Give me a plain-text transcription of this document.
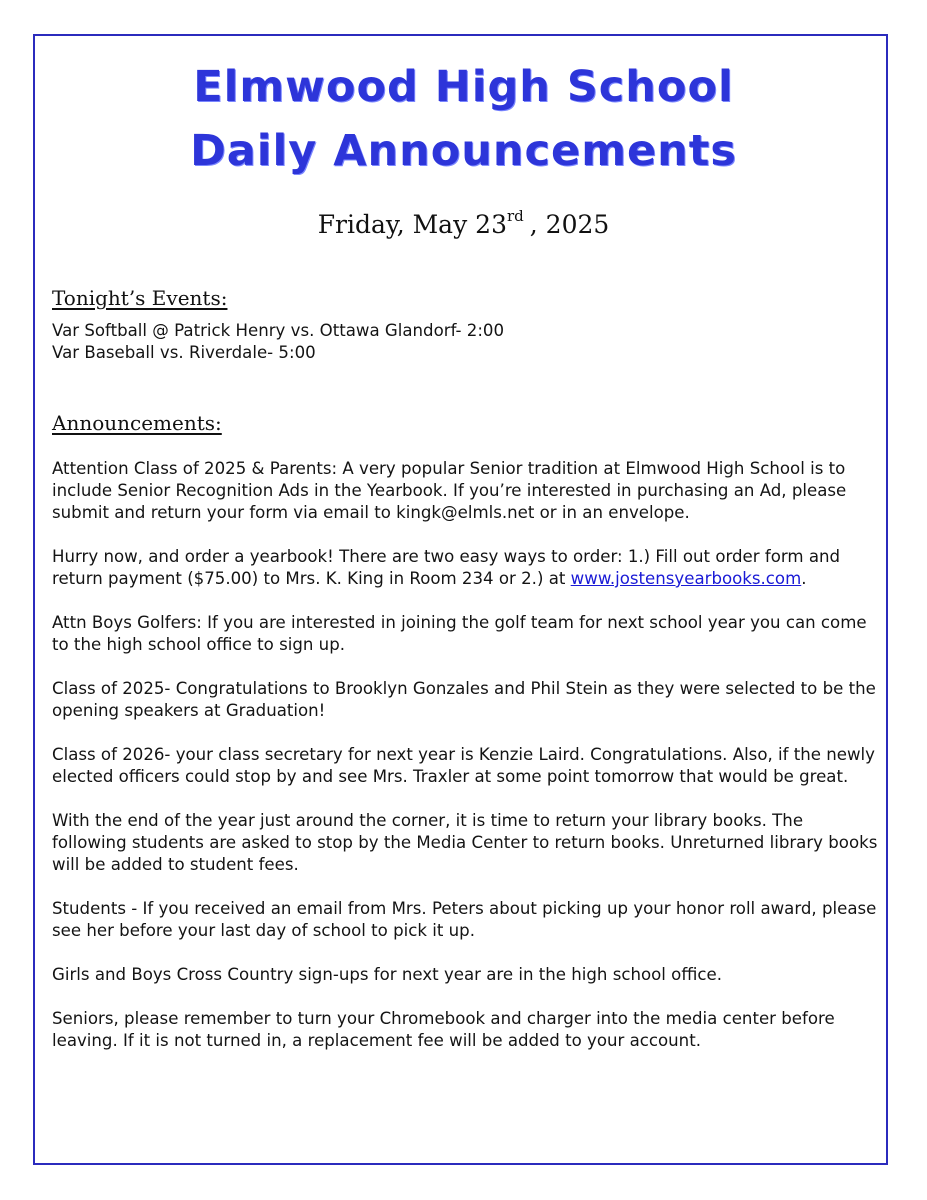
Elmwood High School
Daily Announcements
Friday, May 23rd , 2025
Tonight’s Events:
Var Softball @ Patrick Henry vs. Ottawa Glandorf- 2:00
Var Baseball vs. Riverdale- 5:00
Announcements:

Attention Class of 2025 & Parents: A very popular Senior tradition at Elmwood High School is to include Senior Recognition Ads in the Yearbook. If you’re interested in purchasing an Ad, please submit and return your form via email to kingk@elmls.net or in an envelope.

Hurry now, and order a yearbook! There are two easy ways to order: 1.) Fill out order form and return payment ($75.00) to Mrs. K. King in Room 234 or 2.) at www.jostensyearbooks.com.

Attn Boys Golfers: If you are interested in joining the golf team for next school year you can come to the high school office to sign up.

Class of 2025- Congratulations to Brooklyn Gonzales and Phil Stein as they were selected to be the opening speakers at Graduation!

Class of 2026- your class secretary for next year is Kenzie Laird. Congratulations. Also, if the newly elected officers could stop by and see Mrs. Traxler at some point tomorrow that would be great.

With the end of the year just around the corner, it is time to return your library books. The following students are asked to stop by the Media Center to return books. Unreturned library books will be added to student fees.

Students - If you received an email from Mrs. Peters about picking up your honor roll award, please see her before your last day of school to pick it up.

Girls and Boys Cross Country sign-ups for next year are in the high school office.

Seniors, please remember to turn your Chromebook and charger into the media center before leaving. If it is not turned in, a replacement fee will be added to your account.
